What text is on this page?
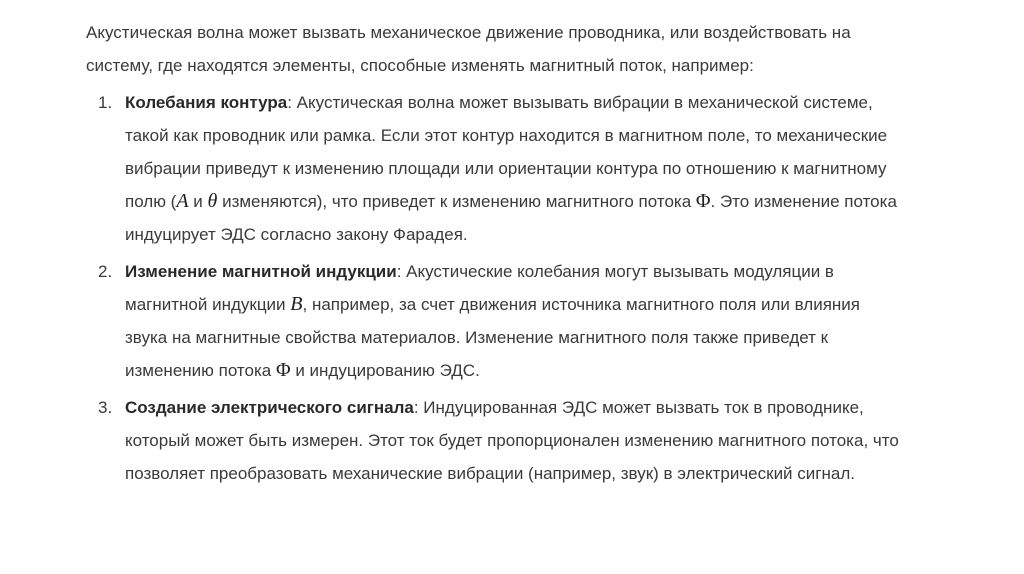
Акустическая волна может вызвать механическое движение проводника, или воздействовать на систему, где находятся элементы, способные изменять магнитный поток, например:

1. Колебания контура: Акустическая волна может вызывать вибрации в механической системе, такой как проводник или рамка. Если этот контур находится в магнитном поле, то механические вибрации приведут к изменению площади или ориентации контура по отношению к магнитному полю (A и θ изменяются), что приведет к изменению магнитного потока Φ. Это изменение потока индуцирует ЭДС согласно закону Фарадея.
2. Изменение магнитной индукции: Акустические колебания могут вызывать модуляции в магнитной индукции B, например, за счет движения источника магнитного поля или влияния звука на магнитные свойства материалов. Изменение магнитного поля также приведет к изменению потока Φ и индуцированию ЭДС.
3. Создание электрического сигнала: Индуцированная ЭДС может вызвать ток в проводнике, который может быть измерен. Этот ток будет пропорционален изменению магнитного потока, что позволяет преобразовать механические вибрации (например, звук) в электрический сигнал.
